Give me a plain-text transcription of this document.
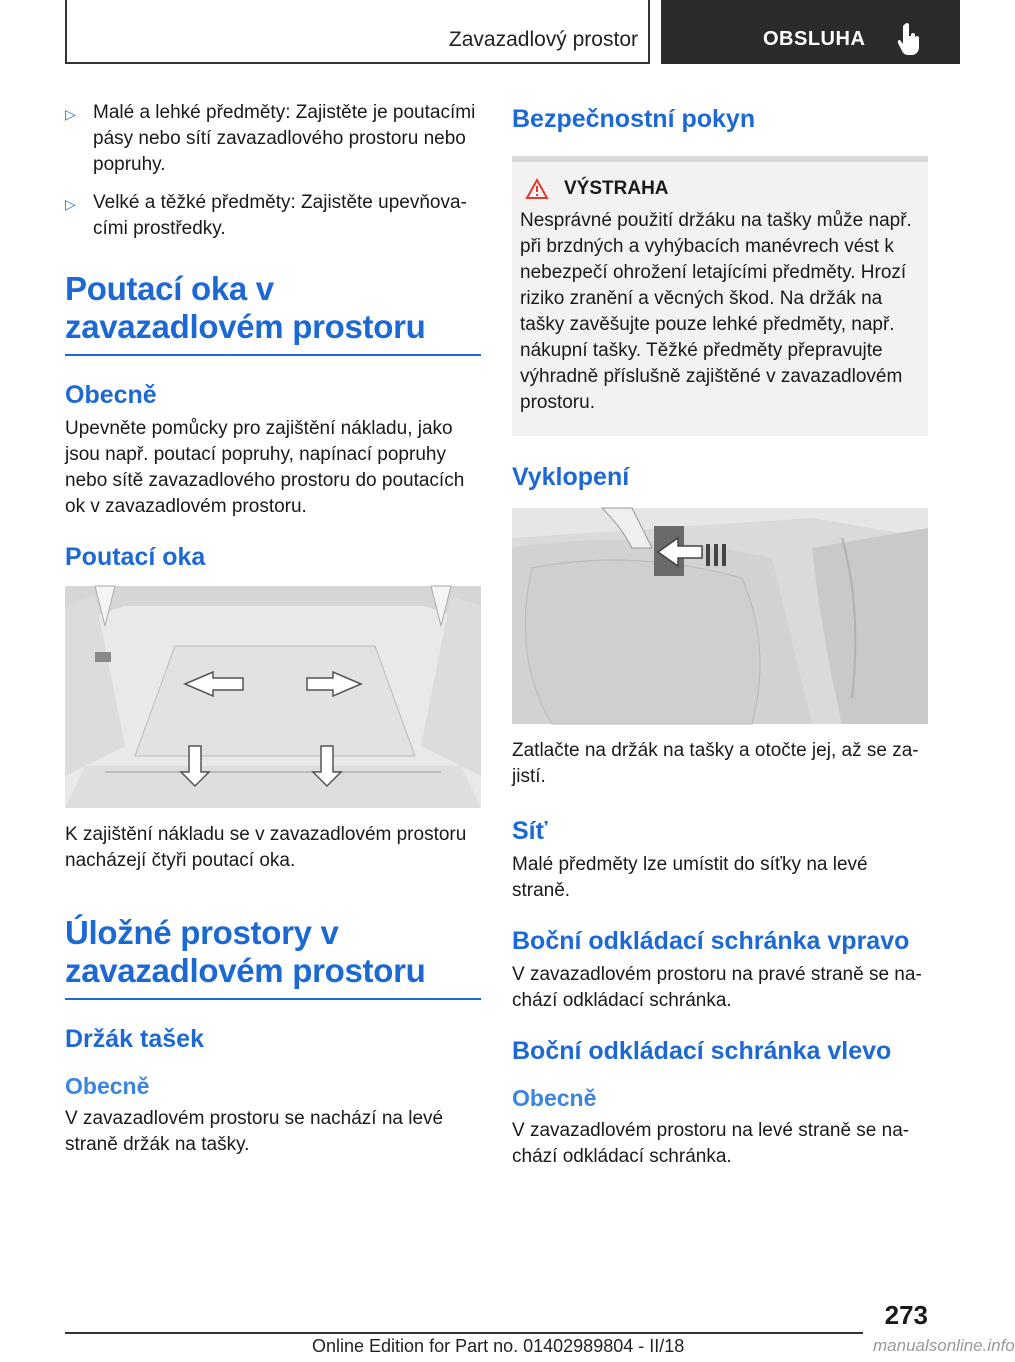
Zavazadlový prostor	OBSLUHA
▷ Malé a lehké předměty: Zajistěte je poutacími pásy nebo sítí zavazadlového prostoru nebo popruhy.
▷ Velké a těžké předměty: Zajistěte upevňova‐cími prostředky.
Poutací oka v zavazadlovém prostoru
Obecně
Upevněte pomůcky pro zajištění nákladu, jako jsou např. poutací popruhy, napínací popruhy nebo sítě zavazadlového prostoru do poutacích ok v zavazadlovém prostoru.
Poutací oka
K zajištění nákladu se v zavazadlovém prostoru nacházejí čtyři poutací oka.
Úložné prostory v zavazadlovém prostoru
Držák tašek
Obecně
V zavazadlovém prostoru se nachází na levé straně držák na tašky.
Bezpečnostní pokyn
VÝSTRAHA
Nesprávné použití držáku na tašky může např. při brzdných a vyhýbacích manévrech vést k nebezpečí ohrožení letajícími předměty. Hrozí riziko zranění a věcných škod. Na držák na tašky zavěšujte pouze lehké předměty, např. nákupní tašky. Těžké předměty přepravujte výhradně příslušně zajištěné v zavazadlovém prostoru.
Vyklopení
Zatlačte na držák na tašky a otočte jej, až se za‐jistí.
Síť
Malé předměty lze umístit do síťky na levé straně.
Boční odkládací schránka vpravo
V zavazadlovém prostoru na pravé straně se na‐chází odkládací schránka.
Boční odkládací schránka vlevo
Obecně
V zavazadlovém prostoru na levé straně se na‐chází odkládací schránka.
273
Online Edition for Part no. 01402989804 - II/18	manualsonline.info
